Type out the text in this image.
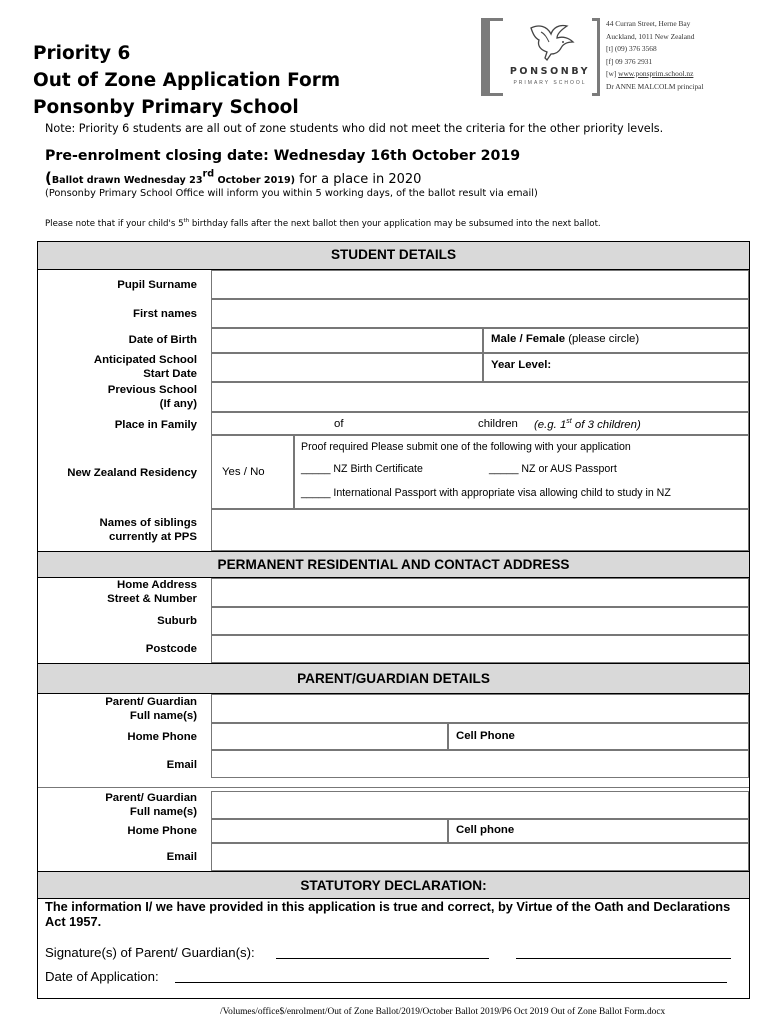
Priority 6
Out of Zone Application Form
Ponsonby Primary School
PONSONBY
PRIMARY SCHOOL
44 Curran Street, Herne Bay
Auckland, 1011 New Zealand
[t] (09) 376 3568
[f] 09 376 2931
[w] www.ponsprim.school.nz
Dr ANNE MALCOLM principal
Note: Priority 6 students are all out of zone students who did not meet the criteria for the other priority levels.
Pre-enrolment closing date: Wednesday 16th October 2019
(Ballot drawn Wednesday 23rd October 2019) for a place in 2020
(Ponsonby Primary School Office will inform you within 5 working days, of the ballot result via email)
Please note that if your child's 5th birthday falls after the next ballot then your application may be subsumed into the next ballot.
STUDENT DETAILS
Pupil Surname
First names
Date of Birth	Male / Female (please circle)
Anticipated School
Start Date
Year Level:
Previous School
(If any)
Place in Family	of	children (e.g. 1st of 3 children)
New Zealand Residency Yes / No
Proof required Please submit one of the following with your application
_____ NZ Birth Certificate	_____ NZ or AUS Passport
_____ International Passport with appropriate visa allowing child to study in NZ
Names of siblings
currently at PPS
PERMANENT RESIDENTIAL AND CONTACT ADDRESS
Home Address
Street & Number
Suburb
Postcode
PARENT/GUARDIAN DETAILS
Parent/ Guardian
Full name(s)
Home Phone	Cell Phone
Email
Parent/ Guardian
Full name(s)
Home Phone	Cell phone
Email
STATUTORY DECLARATION:
The information I/ we have provided in this application is true and correct, by Virtue of the Oath and Declarations Act 1957.
Signature(s) of Parent/ Guardian(s):
Date of Application:
/Volumes/office$/enrolment/Out of Zone Ballot/2019/October Ballot 2019/P6 Oct 2019 Out of Zone Ballot Form.docx
